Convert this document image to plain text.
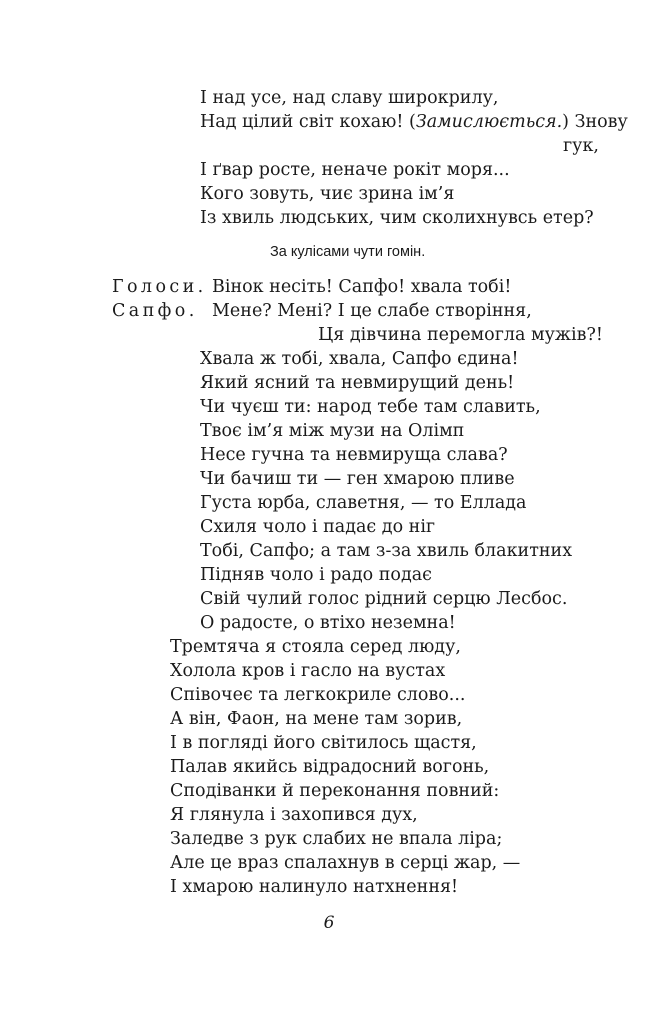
І над усе, над славу широкрилу,
Над цілий світ кохаю! (Замислюється.) Знову
гук,
І ґвар росте, неначе рокіт моря...
Кого зовуть, чиє зрина ім’я
Із хвиль людських, чим сколихнувсь етер?
За кулісами чути гомін.
Голоси. Вінок несіть! Сапфо! хвала тобі!
Сапфо. Мене? Мені? І це слабе створіння,
Ця дівчина перемогла мужів?!
Хвала ж тобі, хвала, Сапфо єдина!
Який ясний та невмирущий день!
Чи чуєш ти: народ тебе там славить,
Твоє ім’я між музи на Олімп
Несе гучна та невмируща слава?
Чи бачиш ти — ген хмарою пливе
Густа юрба, славетня, — то Еллада
Схиля чоло і падає до ніг
Тобі, Сапфо; а там з-за хвиль блакитних
Підняв чоло і радо подає
Свій чулий голос рідний серцю Лесбос.
О радосте, о втіхо неземна!
Тремтяча я стояла серед люду,
Холола кров і гасло на вустах
Співочеє та легкокриле слово...
А він, Фаон, на мене там зорив,
І в погляді його світилось щастя,
Палав якийсь відрадосний вогонь,
Сподіванки й переконання повний:
Я глянула і захопився дух,
Заледве з рук слабих не впала ліра;
Але це враз спалахнув в серці жар, —
І хмарою налинуло натхнення!
6
